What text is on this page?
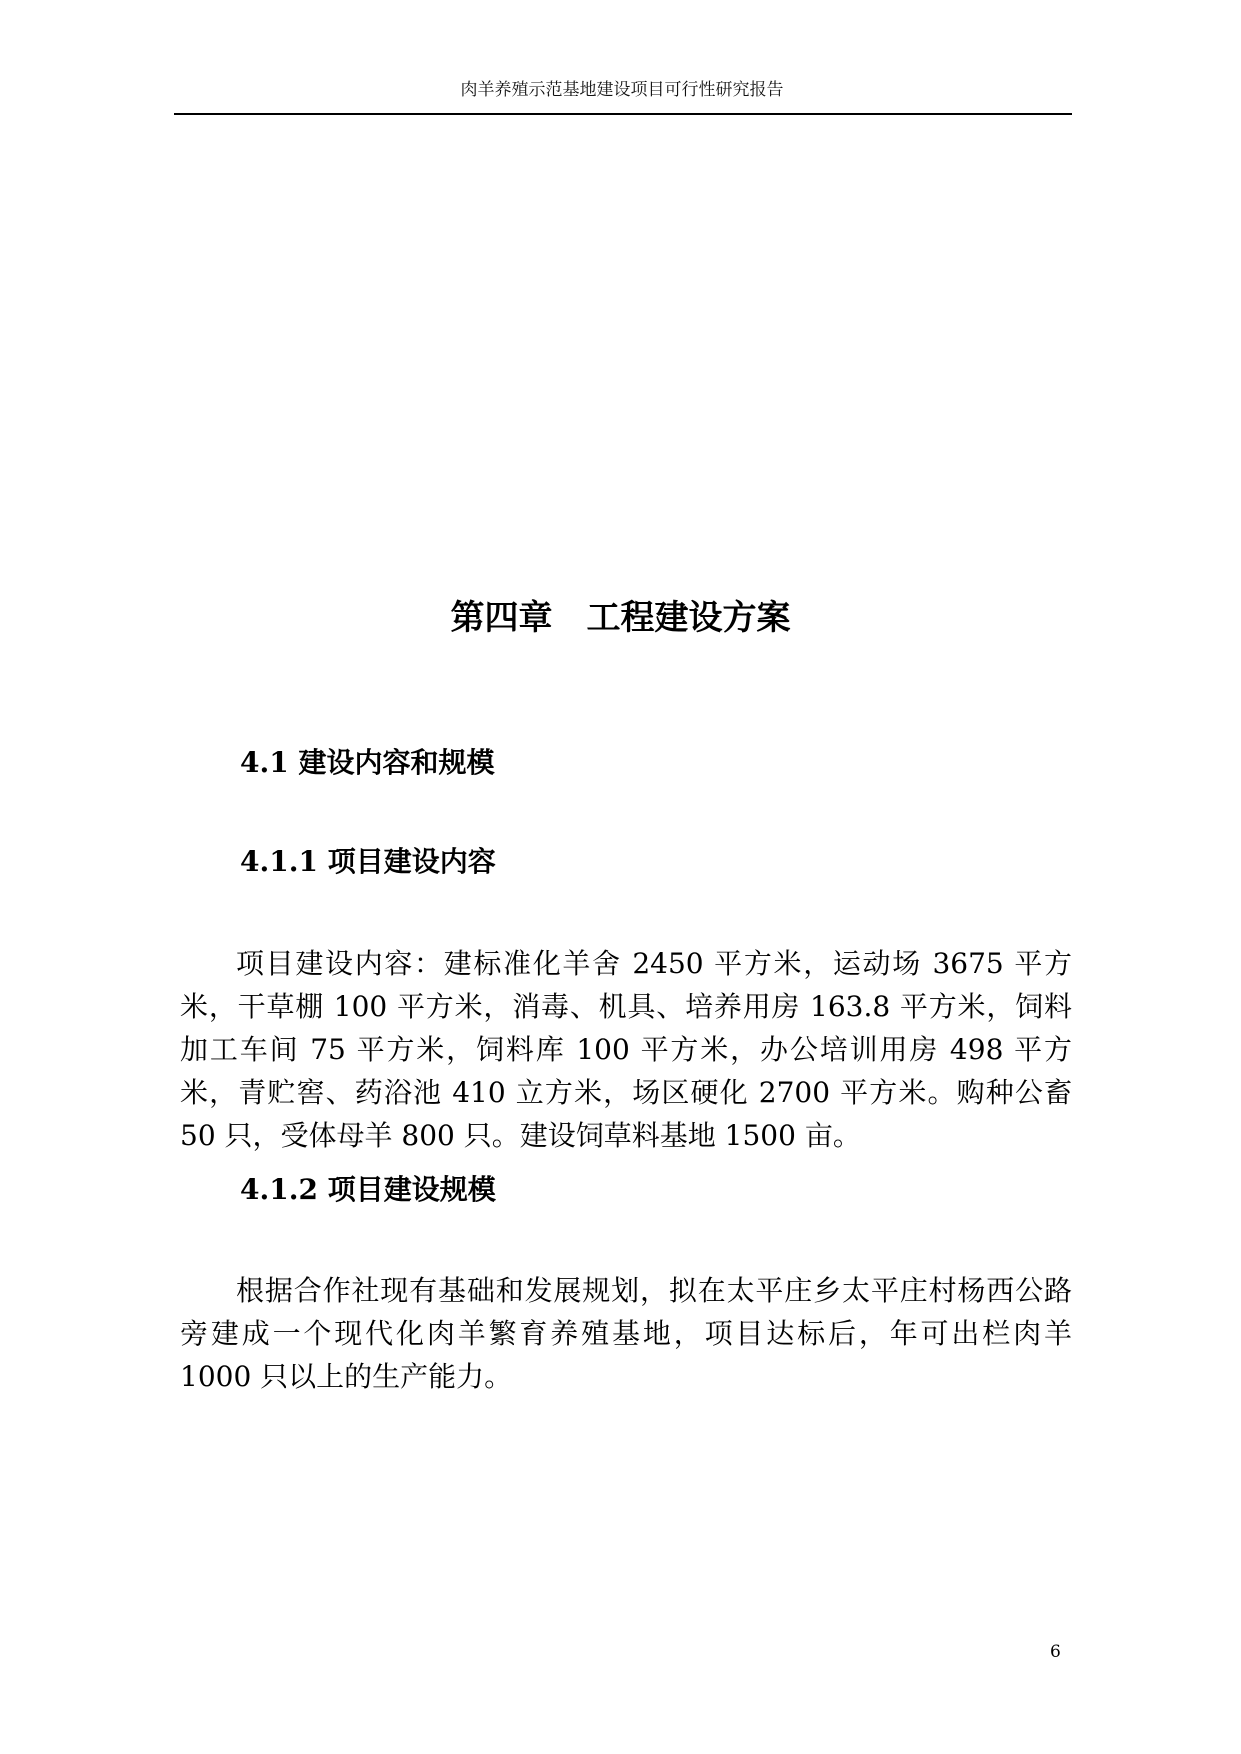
肉羊养殖示范基地建设项目可行性研究报告
第四章　工程建设方案
4.1 建设内容和规模
4.1.1 项目建设内容
项目建设内容：建标准化羊舍 2450 平方米，运动场 3675 平方米，干草棚 100 平方米，消毒、机具、培养用房 163.8 平方米，饲料加工车间 75 平方米，饲料库 100 平方米，办公培训用房 498 平方米，青贮窖、药浴池 410 立方米，场区硬化 2700 平方米。购种公畜 50 只，受体母羊 800 只。建设饲草料基地 1500 亩。
4.1.2 项目建设规模
根据合作社现有基础和发展规划，拟在太平庄乡太平庄村杨西公路旁建成一个现代化肉羊繁育养殖基地，项目达标后，年可出栏肉羊 1000 只以上的生产能力。
6
